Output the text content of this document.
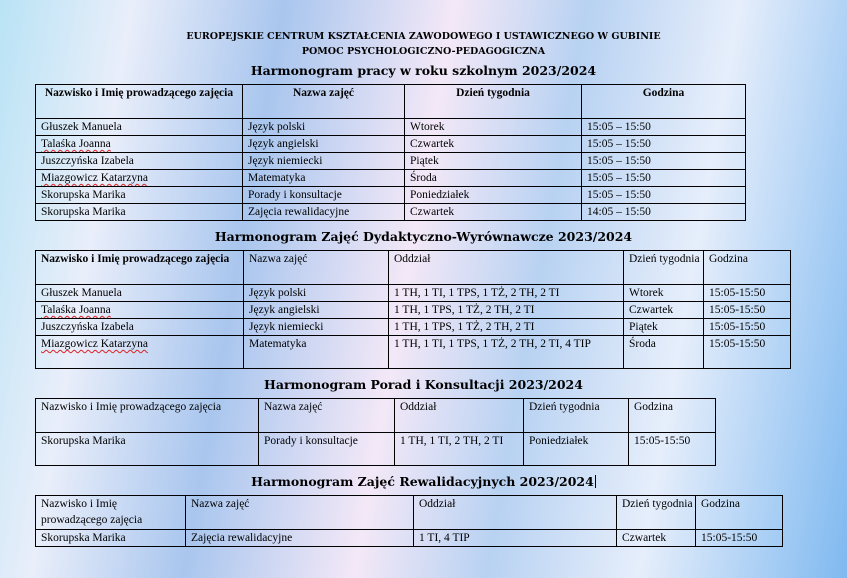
EUROPEJSKIE CENTRUM KSZTAŁCENIA ZAWODOWEGO I USTAWICZNEGO W GUBINIE
POMOC PSYCHOLOGICZNO-PEDAGOGICZNA
Harmonogram pracy w roku szkolnym 2023/2024
Nazwisko i Imię prowadzącego zajęcia	Nazwa zajęć	Dzień tygodnia	Godzina
Głuszek Manuela	Język polski	Wtorek	15:05 – 15:50
Talaśka Joanna	Język angielski	Czwartek	15:05 – 15:50
Juszczyńska Izabela	Język niemiecki	Piątek	15:05 – 15:50
Miazgowicz Katarzyna	Matematyka	Środa	15:05 – 15:50
Skorupska Marika	Porady i konsultacje	Poniedziałek	15:05 – 15:50
Skorupska Marika	Zajęcia rewalidacyjne	Czwartek	14:05 – 15:50
Harmonogram Zajęć Dydaktyczno-Wyrównawcze 2023/2024
Nazwisko i Imię prowadzącego zajęcia	Nazwa zajęć	Oddział	Dzień tygodnia	Godzina
Głuszek Manuela	Język polski	1 TH, 1 TI, 1 TPS, 1 TŻ, 2 TH, 2 TI	Wtorek	15:05-15:50
Talaśka Joanna	Język angielski	1 TH, 1 TPS, 1 TŻ, 2 TH, 2 TI	Czwartek	15:05-15:50
Juszczyńska Izabela	Język niemiecki	1 TH, 1 TPS, 1 TŻ, 2 TH, 2 TI	Piątek	15:05-15:50
Miazgowicz Katarzyna	Matematyka	1 TH, 1 TI, 1 TPS, 1 TŻ, 2 TH, 2 TI, 4 TIP	Środa	15:05-15:50
Harmonogram Porad i Konsultacji 2023/2024
Nazwisko i Imię prowadzącego zajęcia	Nazwa zajęć	Oddział	Dzień tygodnia	Godzina
Skorupska Marika	Porady i konsultacje	1 TH, 1 TI, 2 TH, 2 TI	Poniedziałek	15:05-15:50
Harmonogram Zajęć Rewalidacyjnych 2023/2024
Nazwisko i Imię prowadzącego zajęcia	Nazwa zajęć	Oddział	Dzień tygodnia	Godzina
Skorupska Marika	Zajęcia rewalidacyjne	1 TI, 4 TIP	Czwartek	15:05-15:50
